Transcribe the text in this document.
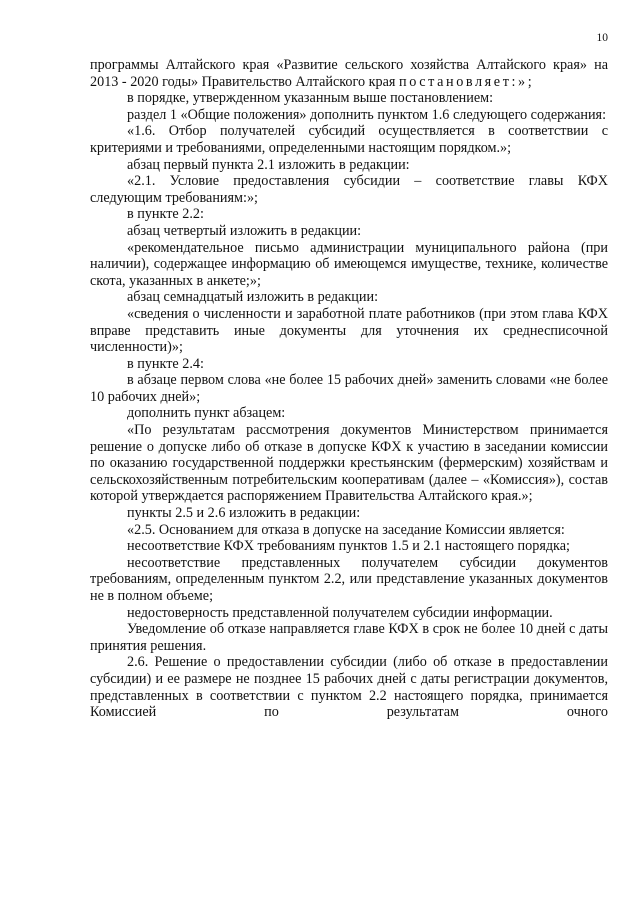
10

программы Алтайского края «Развитие сельского хозяйства Алтайского края» на 2013 - 2020 годы» Правительство Алтайского края постановляет:»;

в порядке, утвержденном указанным выше постановлением:

раздел 1 «Общие положения» дополнить пунктом 1.6 следующего содержания:

«1.6. Отбор получателей субсидий осуществляется в соответствии с критериями и требованиями, определенными настоящим порядком.»;

абзац первый пункта 2.1 изложить в редакции:

«2.1. Условие предоставления субсидии – соответствие главы КФХ следующим требованиям:»;

в пункте 2.2:

абзац четвертый изложить в редакции:

«рекомендательное письмо администрации муниципального района (при наличии), содержащее информацию об имеющемся имуществе, технике, количестве скота, указанных в анкете;»;

абзац семнадцатый изложить в редакции:

«сведения о численности и заработной плате работников (при этом глава КФХ вправе представить иные документы для уточнения их среднесписочной численности)»;

в пункте 2.4:

в абзаце первом слова «не более 15 рабочих дней» заменить словами «не более 10 рабочих дней»;

дополнить пункт абзацем:

«По результатам рассмотрения документов Министерством принимается решение о допуске либо об отказе в допуске КФХ к участию в заседании комиссии по оказанию государственной поддержки крестьянским (фермерским) хозяйствам и сельскохозяйственным потребительским кооперативам (далее – «Комиссия»), состав которой утверждается распоряжением Правительства Алтайского края.»;

пункты 2.5 и 2.6 изложить в редакции:

«2.5. Основанием для отказа в допуске на заседание Комиссии является:

несоответствие КФХ требованиям пунктов 1.5 и 2.1 настоящего порядка;

несоответствие представленных получателем субсидии документов требованиям, определенным пунктом 2.2, или представление указанных документов не в полном объеме;

недостоверность представленной получателем субсидии информации.

Уведомление об отказе направляется главе КФХ в срок не более 10 дней с даты принятия решения.

2.6. Решение о предоставлении субсидии (либо об отказе в предоставлении субсидии) и ее размере не позднее 15 рабочих дней с даты регистрации документов, представленных в соответствии с пунктом 2.2 настоящего порядка, принимается Комиссией по результатам очного
